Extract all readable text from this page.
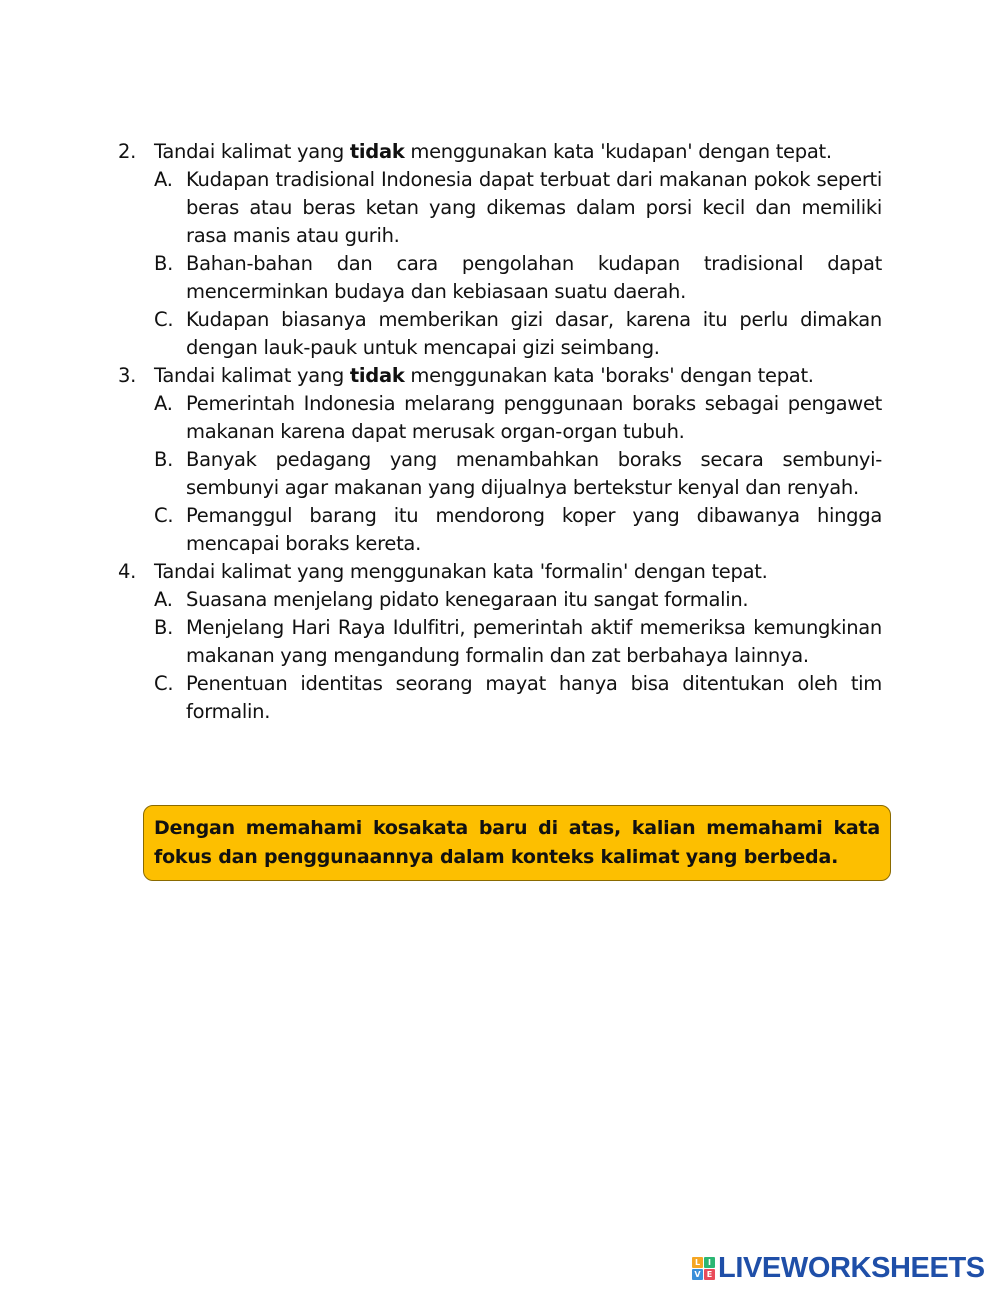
2. Tandai kalimat yang tidak menggunakan kata 'kudapan' dengan tepat.
A. Kudapan tradisional Indonesia dapat terbuat dari makanan pokok seperti beras atau beras ketan yang dikemas dalam porsi kecil dan memiliki rasa manis atau gurih.
B. Bahan-bahan dan cara pengolahan kudapan tradisional dapat mencerminkan budaya dan kebiasaan suatu daerah.
C. Kudapan biasanya memberikan gizi dasar, karena itu perlu dimakan dengan lauk-pauk untuk mencapai gizi seimbang.
3. Tandai kalimat yang tidak menggunakan kata 'boraks' dengan tepat.
A. Pemerintah Indonesia melarang penggunaan boraks sebagai pengawet makanan karena dapat merusak organ-organ tubuh.
B. Banyak pedagang yang menambahkan boraks secara sembunyi-sembunyi agar makanan yang dijualnya bertekstur kenyal dan renyah.
C. Pemanggul barang itu mendorong koper yang dibawanya hingga mencapai boraks kereta.
4. Tandai kalimat yang menggunakan kata 'formalin' dengan tepat.
A. Suasana menjelang pidato kenegaraan itu sangat formalin.
B. Menjelang Hari Raya Idulfitri, pemerintah aktif memeriksa kemungkinan makanan yang mengandung formalin dan zat berbahaya lainnya.
C. Penentuan identitas seorang mayat hanya bisa ditentukan oleh tim formalin.
Dengan memahami kosakata baru di atas, kalian memahami kata fokus dan penggunaannya dalam konteks kalimat yang berbeda.
L I
V E LIVEWORKSHEETS
